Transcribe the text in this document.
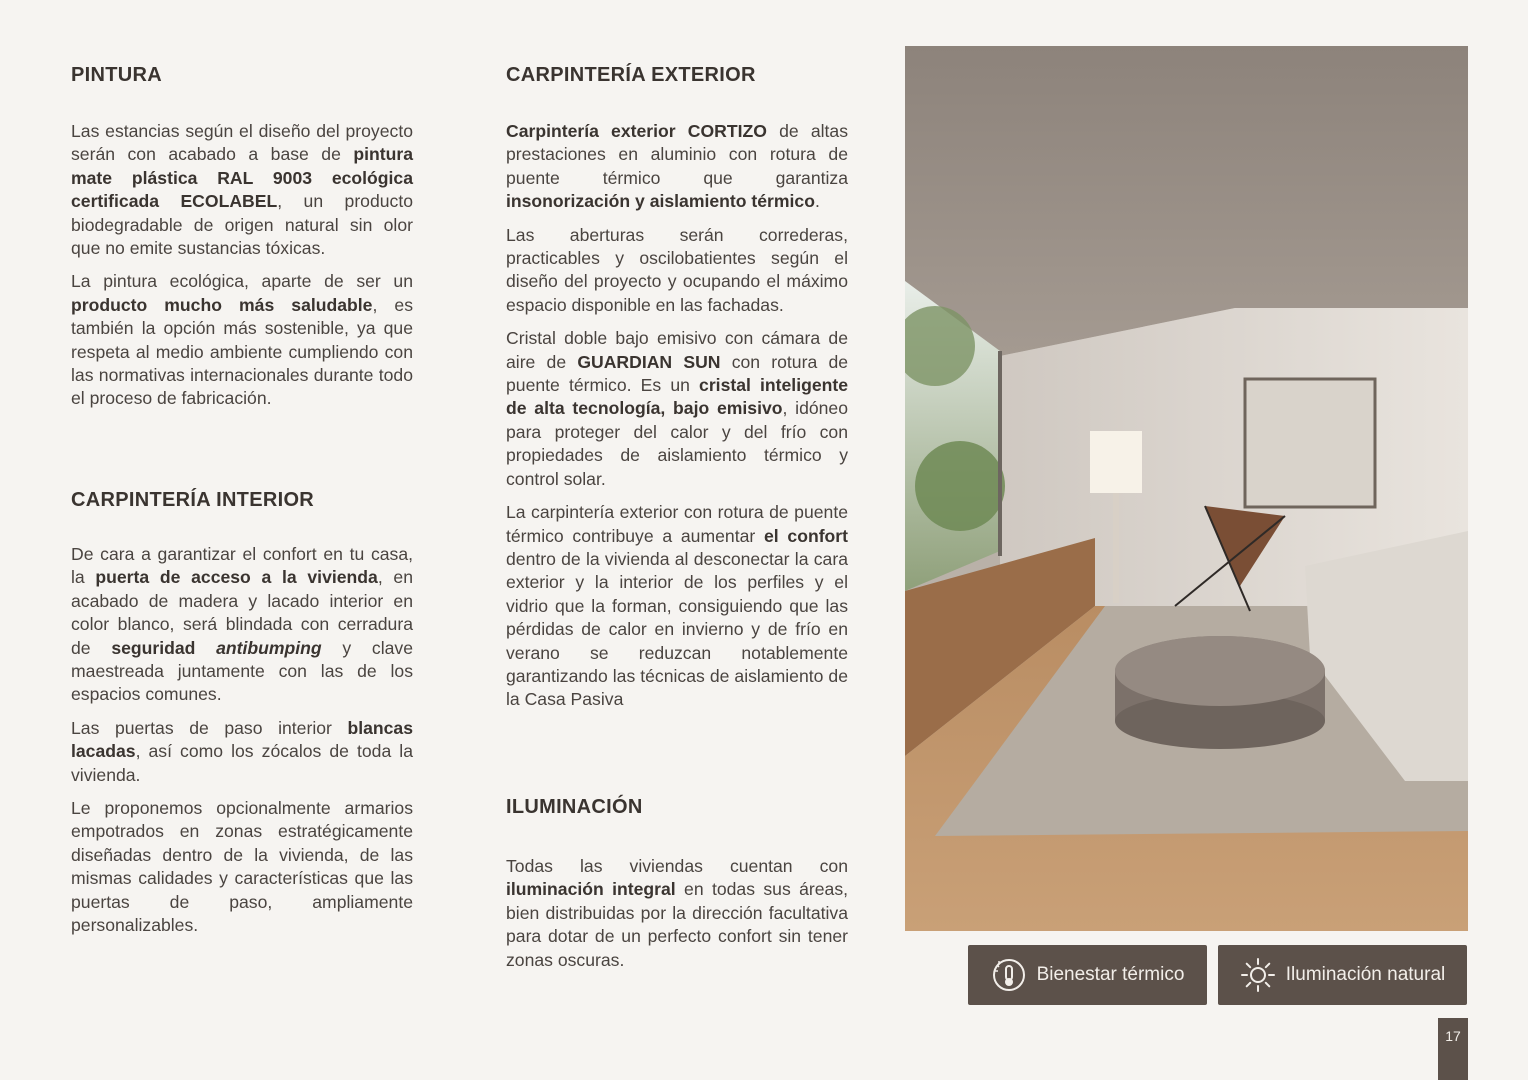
PINTURA

Las estancias según el diseño del proyecto serán con acabado a base de pintura mate plástica RAL 9003 ecológica certificada ECOLABEL, un producto biodegradable de origen natural sin olor que no emite sustancias tóxicas.

La pintura ecológica, aparte de ser un producto mucho más saludable, es también la opción más sostenible, ya que respeta al medio ambiente cumpliendo con las normativas internacionales durante todo el proceso de fabricación.

CARPINTERÍA INTERIOR

De cara a garantizar el confort en tu casa, la puerta de acceso a la vivienda, en acabado de madera y lacado interior en color blanco, será blindada con cerradura de seguridad antibumping y clave maestreada juntamente con las de los espacios comunes.

Las puertas de paso interior blancas lacadas, así como los zócalos de toda la vivienda.

Le proponemos opcionalmente armarios empotrados en zonas estratégicamente diseñadas dentro de la vivienda, de las mismas calidades y características que las puertas de paso, ampliamente personalizables.

CARPINTERÍA EXTERIOR

Carpintería exterior CORTIZO de altas prestaciones en aluminio con rotura de puente térmico que garantiza insonorización y aislamiento térmico.

Las aberturas serán correderas, practicables y oscilobatientes según el diseño del proyecto y ocupando el máximo espacio disponible en las fachadas.

Cristal doble bajo emisivo con cámara de aire de GUARDIAN SUN con rotura de puente térmico. Es un cristal inteligente de alta tecnología, bajo emisivo, idóneo para proteger del calor y del frío con propiedades de aislamiento térmico y control solar.

La carpintería exterior con rotura de puente térmico contribuye a aumentar el confort dentro de la vivienda al desconectar la cara exterior y la interior de los perfiles y el vidrio que la forman, consiguiendo que las pérdidas de calor en invierno y de frío en verano se reduzcan notablemente garantizando las técnicas de aislamiento de la Casa Pasiva

ILUMINACIÓN

Todas las viviendas cuentan con iluminación integral en todas sus áreas, bien distribuidas por la dirección facultativa para dotar de un perfecto confort sin tener zonas oscuras.

Bienestar térmico	Iluminación natural
17
